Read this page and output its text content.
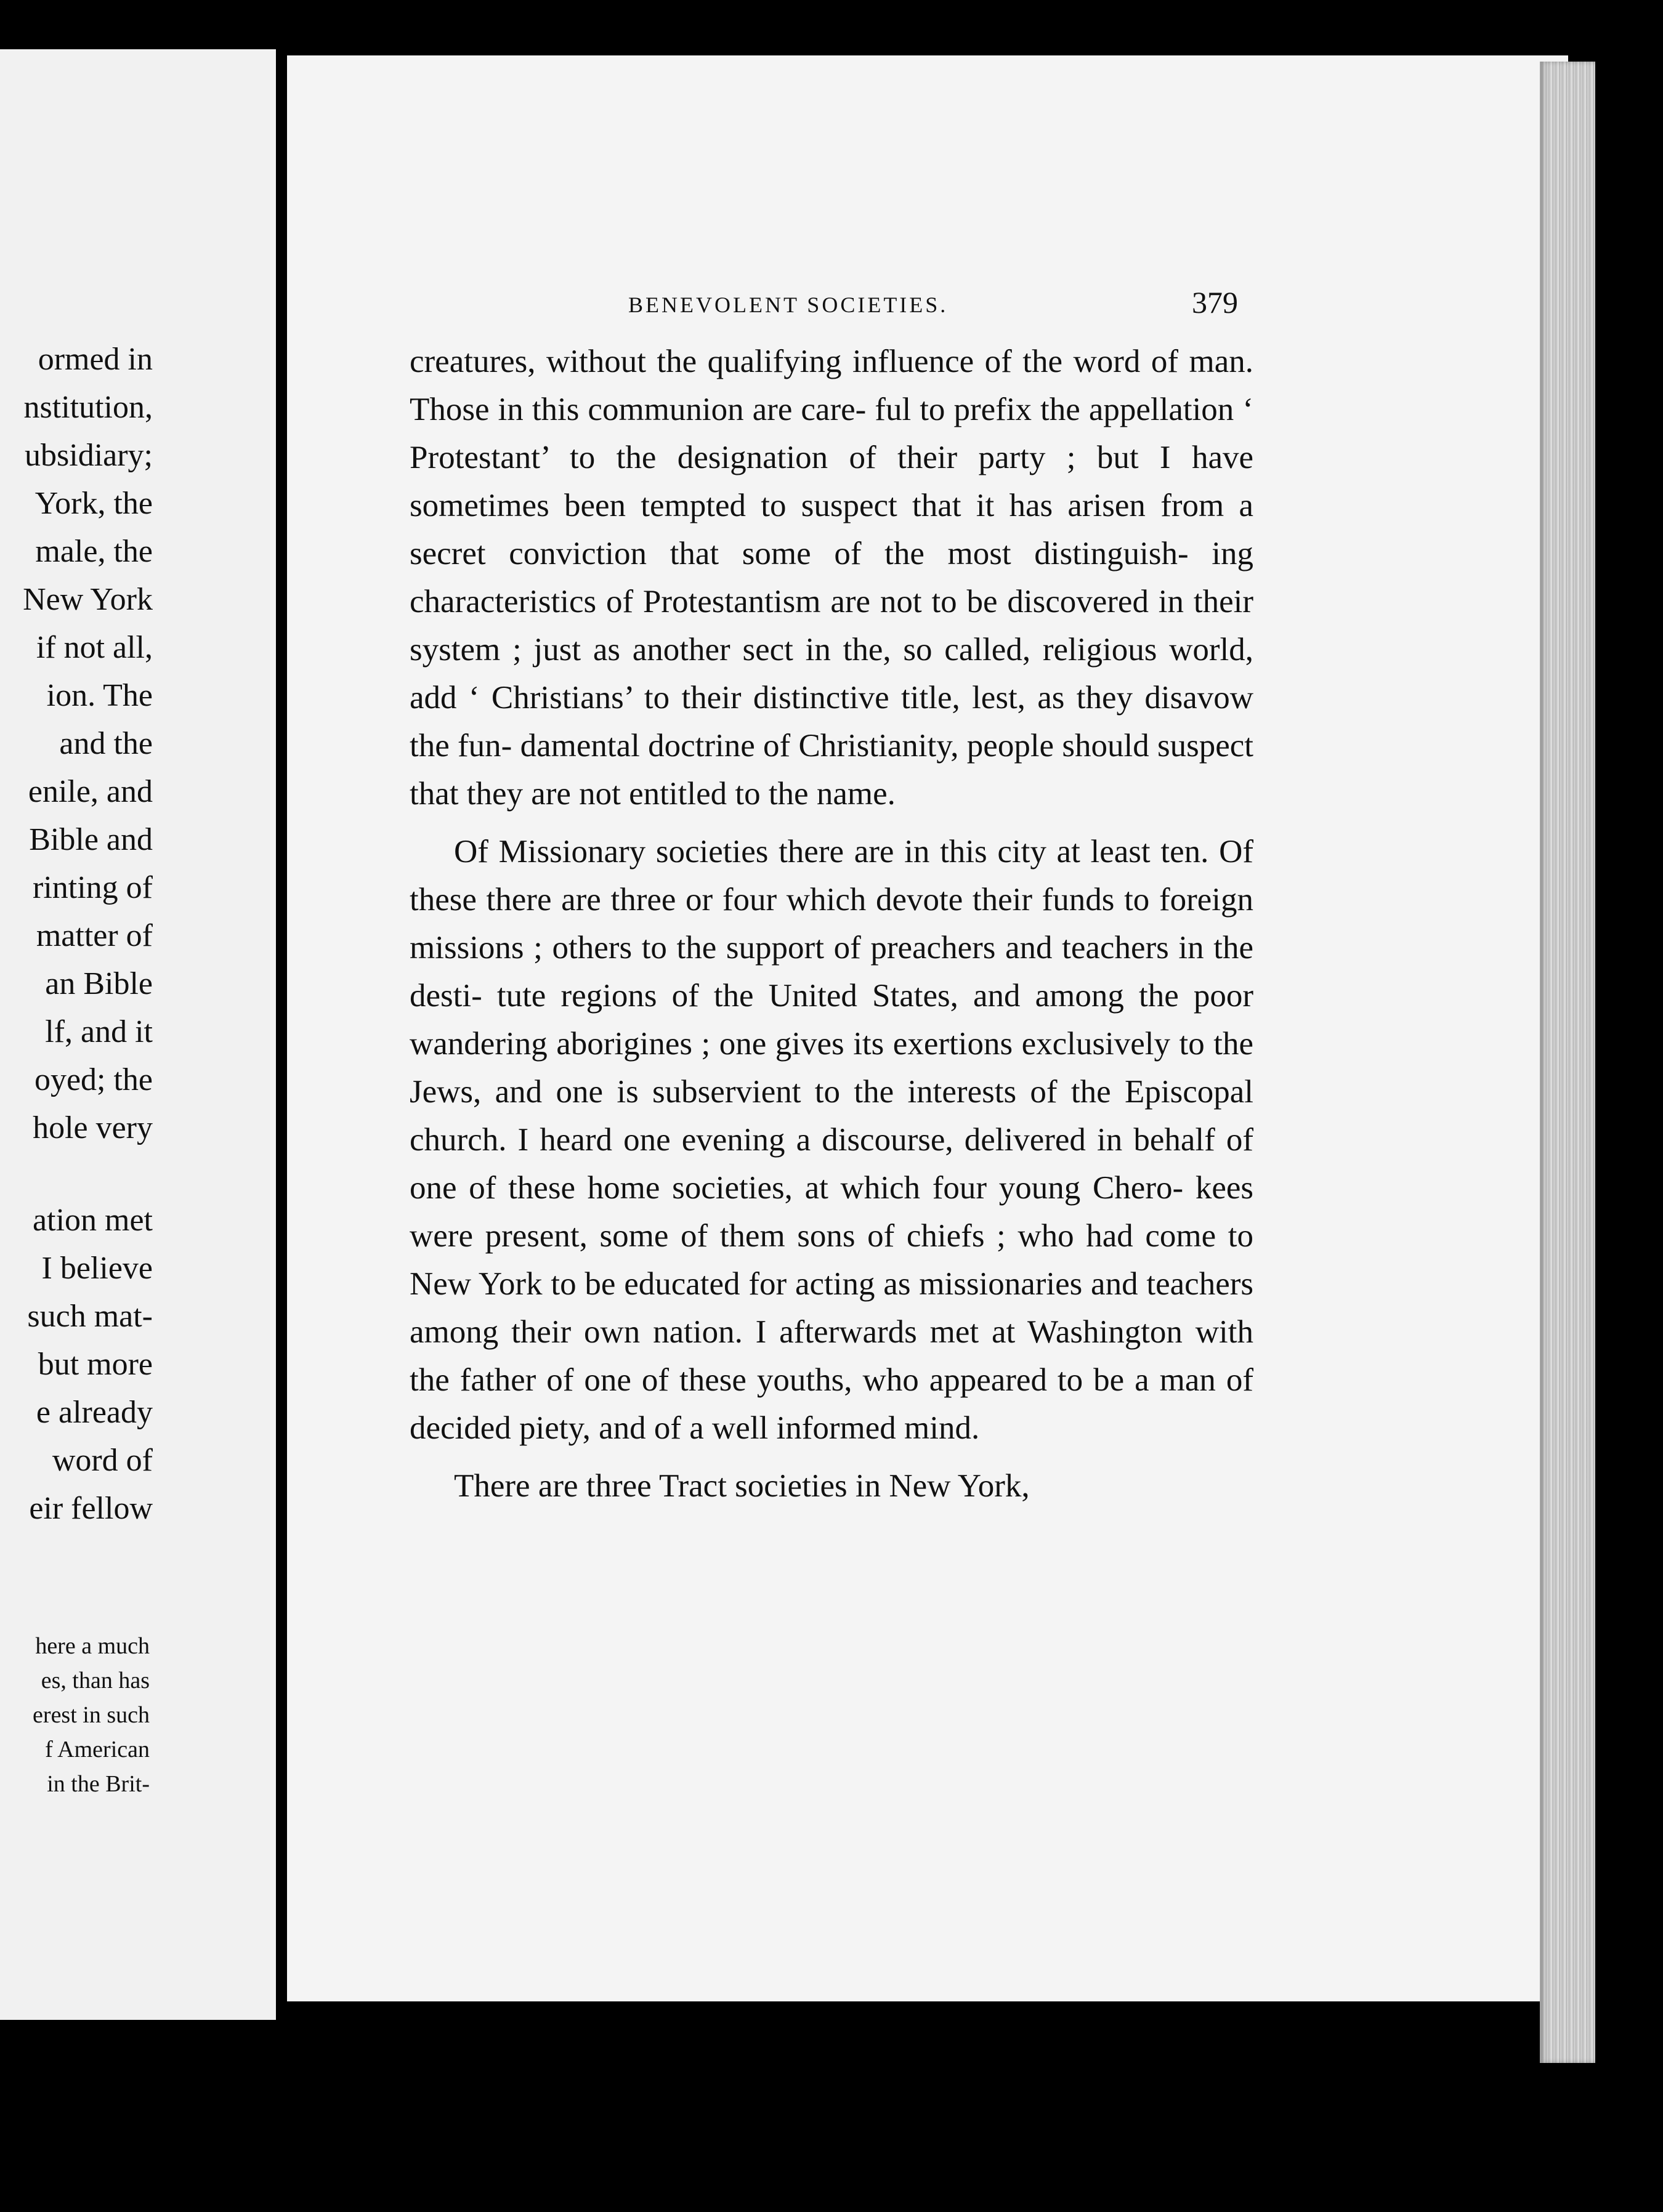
ormed in
nstitution,
ubsidiary;
York, the
male, the
New York
if not all,
ion. The
and the
enile, and
Bible and
rinting of
matter of
an Bible
lf, and it
oyed; the
hole very
ation met
I believe
such mat-
but more
e already
word of
eir fellow
here a much
es, than has
erest in such
f American
in the Brit-
BENEVOLENT SOCIETIES.	379

creatures, without the qualifying influence of the word of man. Those in this communion are care- ful to prefix the appellation ‘ Protestant’ to the designation of their party ; but I have sometimes been tempted to suspect that it has arisen from a secret conviction that some of the most distinguish- ing characteristics of Protestantism are not to be discovered in their system ; just as another sect in the, so called, religious world, add ‘ Christians’ to their distinctive title, lest, as they disavow the fun- damental doctrine of Christianity, people should suspect that they are not entitled to the name.

Of Missionary societies there are in this city at least ten. Of these there are three or four which devote their funds to foreign missions ; others to the support of preachers and teachers in the desti- tute regions of the United States, and among the poor wandering aborigines ; one gives its exertions exclusively to the Jews, and one is subservient to the interests of the Episcopal church. I heard one evening a discourse, delivered in behalf of one of these home societies, at which four young Chero- kees were present, some of them sons of chiefs ; who had come to New York to be educated for acting as missionaries and teachers among their own nation. I afterwards met at Washington with the father of one of these youths, who appeared to be a man of decided piety, and of a well informed mind.

There are three Tract societies in New York,
